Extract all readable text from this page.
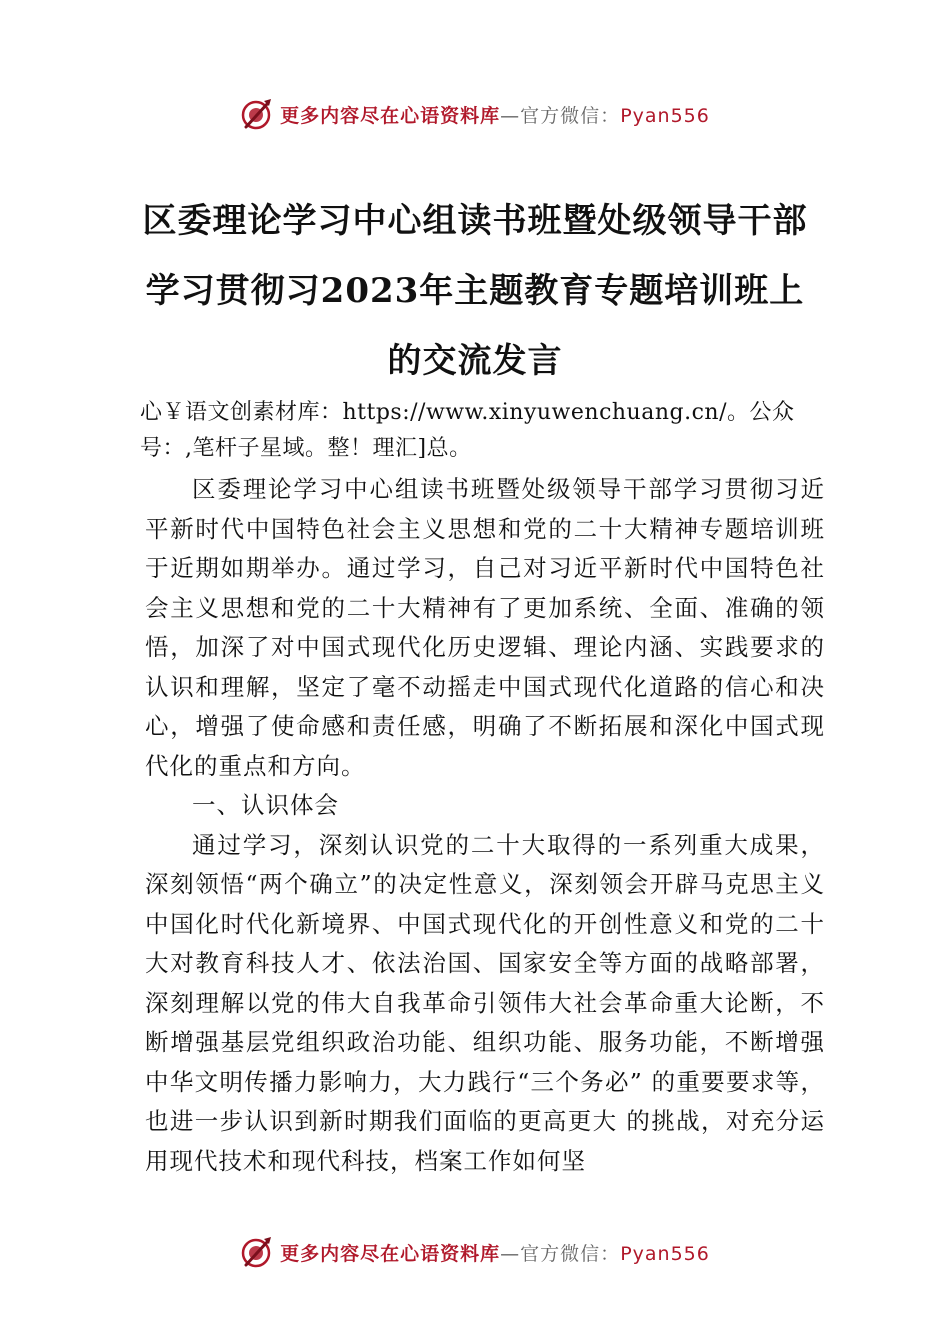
更多内容尽在心语资料库—官方微信：Pyan556
区委理论学习中心组读书班暨处级领导干部学习贯彻习2023年主题教育专题培训班上的交流发言
心￥语文创素材库：https://www.xinyuwenchuang.cn/。公众号：,笔杆子星域。整！理汇]总。

区委理论学习中心组读书班暨处级领导干部学习贯彻习近平新时代中国特色社会主义思想和党的二十大精神专题培训班于近期如期举办。通过学习，自己对习近平新时代中国特色社会主义思想和党的二十大精神有了更加系统、全面、准确的领悟，加深了对中国式现代化历史逻辑、理论内涵、实践要求的认识和理解，坚定了毫不动摇走中国式现代化道路的信心和决心，增强了使命感和责任感，明确了不断拓展和深化中国式现代化的重点和方向。

一、认识体会

通过学习，深刻认识党的二十大取得的一系列重大成果，深刻领悟“两个确立”的决定性意义，深刻领会开辟马克思主义中国化时代化新境界、中国式现代化的开创性意义和党的二十大对教育科技人才、依法治国、国家安全等方面的战略部署，深刻理解以党的伟大自我革命引领伟大社会革命重大论断，不断增强基层党组织政治功能、组织功能、服务功能，不断增强中华文明传播力影响力，大力践行“三个务必” 的重要要求等，也进一步认识到新时期我们面临的更高更大 的挑战，对充分运用现代技术和现代科技，档案工作如何坚

更多内容尽在心语资料库—官方微信：Pyan556
